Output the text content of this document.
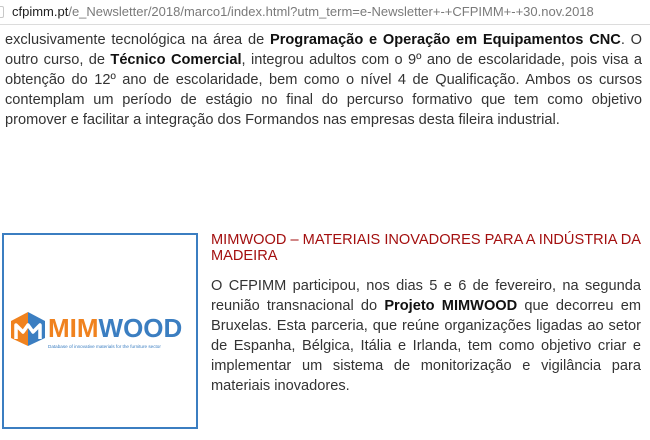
cfpimm.pt/e_Newsletter/2018/marco1/index.html?utm_term=e-Newsletter+-+CFPIMM+-+30.nov.2018

exclusivamente tecnológica na área de Programação e Operação em Equipamentos CNC. O outro curso, de Técnico Comercial, integrou adultos com o 9º ano de escolaridade, pois visa a obtenção do 12º ano de escolaridade, bem como o nível 4 de Qualificação. Ambos os cursos contemplam um período de estágio no final do percurso formativo que tem como objetivo promover e facilitar a integração dos Formandos nas empresas desta fileira industrial.

MIMWOOD
Database of innovative materials for the furniture sector
MIMWOOD – MATERIAIS INOVADORES PARA A INDÚSTRIA DA MADEIRA

O CFPIMM participou, nos dias 5 e 6 de fevereiro, na segunda reunião transnacional do Projeto MIMWOOD que decorreu em Bruxelas. Esta parceria, que reúne organizações ligadas ao setor de Espanha, Bélgica, Itália e Irlanda, tem como objetivo criar e implementar um sistema de monitorização e vigilância para materiais inovadores.
